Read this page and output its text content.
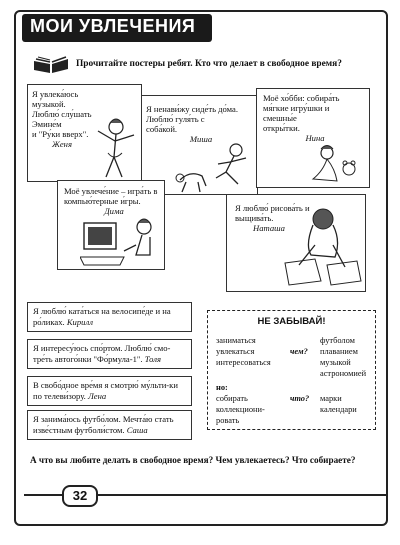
МОИ УВЛЕЧЕНИЯ
Прочитайте постеры ребят. Кто что делает в свободное время?
Я увлека́юсь му́зыкой.
Люблю́ слу́шать Эмине́м
и "Ру́ки вверх".
Женя
Я ненави́жу сиде́ть до́ма.
Люблю́ гуля́ть с
соба́кой.
Миша
Моё хо́бби: собира́ть
мя́гкие игру́шки и
смешны́е
откры́тки.
Нина
Моё увлече́ние – игра́ть в
компью́терные и́гры.
Дима	Я люблю́ рисова́ть и
выщива́ть.
Наташа
Я люблю́ ката́ться на велосипе́де и на ро́ликах. Кирилл
Я интересу́юсь спо́ртом. Люблю́ смо-тре́ть автого́нки "Фо́рмула-1". Толя
В свобо́дное вре́мя я смотрю́ му́льти-ки по телеви́зору. Лена
Я занима́юсь футбо́лом. Мечта́ю стать изве́стным футболи́стом. Саша
НЕ ЗАБЫВАЙ!
заниматься
увлекаться
интересоваться
чем?
футболом
плаванием
музыкой
астрономией
но:
собирать
коллекциони-
ровать
что? марки
календари
А что вы любите делать в свободное время? Чем увлекаетесь? Что собираете?
32
